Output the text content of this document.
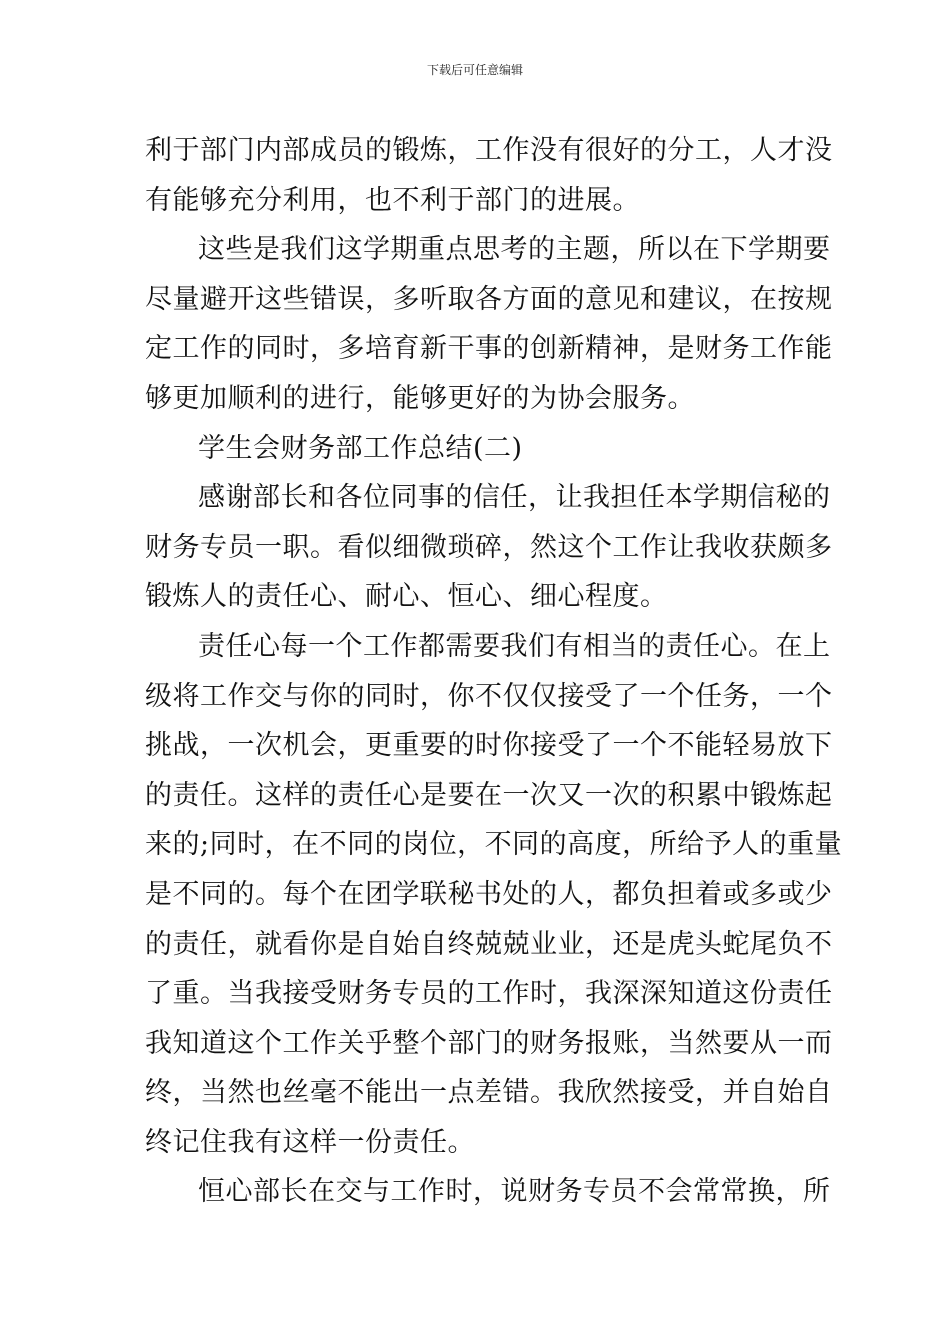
下载后可任意编辑
利于部门内部成员的锻炼，工作没有很好的分工，人才没
有能够充分利用，也不利于部门的进展。
这些是我们这学期重点思考的主题，所以在下学期要
尽量避开这些错误，多听取各方面的意见和建议，在按规
定工作的同时，多培育新干事的创新精神，是财务工作能
够更加顺利的进行，能够更好的为协会服务。
学生会财务部工作总结(二)
感谢部长和各位同事的信任，让我担任本学期信秘的
财务专员一职。看似细微琐碎，然这个工作让我收获颇多
锻炼人的责任心、耐心、恒心、细心程度。
责任心每一个工作都需要我们有相当的责任心。在上
级将工作交与你的同时，你不仅仅接受了一个任务，一个
挑战，一次机会，更重要的时你接受了一个不能轻易放下
的责任。这样的责任心是要在一次又一次的积累中锻炼起
来的;同时，在不同的岗位，不同的高度，所给予人的重量
是不同的。每个在团学联秘书处的人，都负担着或多或少
的责任，就看你是自始自终兢兢业业，还是虎头蛇尾负不
了重。当我接受财务专员的工作时，我深深知道这份责任
我知道这个工作关乎整个部门的财务报账，当然要从一而
终，当然也丝毫不能出一点差错。我欣然接受，并自始自
终记住我有这样一份责任。
恒心部长在交与工作时，说财务专员不会常常换，所
